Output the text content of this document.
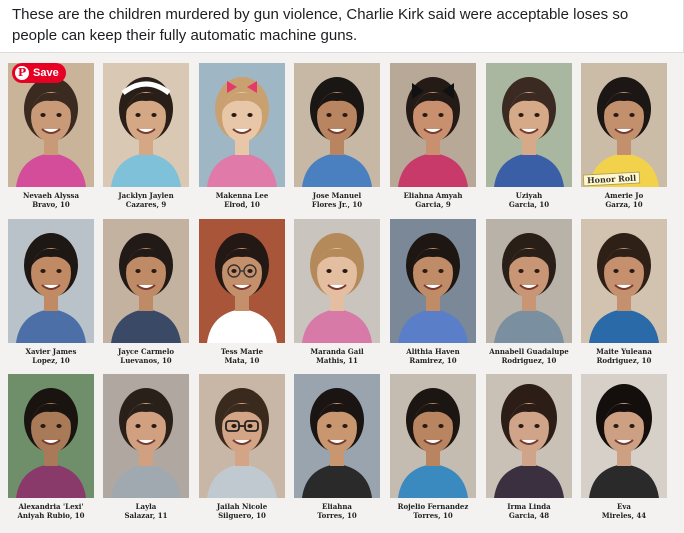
These are the children murdered by gun violence, Charlie Kirk said were acceptable loses so people can keep their fully automatic machine guns.
Nevaeh Alyssa
Bravo, 10
Jacklyn Jaylen
Cazares, 9
Makenna Lee
Elrod, 10
Jose Manuel
Flores Jr., 10
Eliahna Amyah
Garcia, 9
Uziyah
Garcia, 10
Honor Roll
Amerie Jo
Garza, 10
Xavier James
Lopez, 10
Jayce Carmelo
Luevanos, 10
Tess Marie
Mata, 10
Maranda Gail
Mathis, 11
Alithia Haven
Ramirez, 10
Annabell Guadalupe
Rodriguez, 10
Maite Yuleana
Rodriguez, 10
Alexandria 'Lexi'
Aniyah Rubio, 10
Layla
Salazar, 11
Jailah Nicole
Silguero, 10
Eliahna
Torres, 10
Rojelio Fernandez
Torres, 10
Irma Linda
Garcia, 48
Eva
Mireles, 44
P Save
